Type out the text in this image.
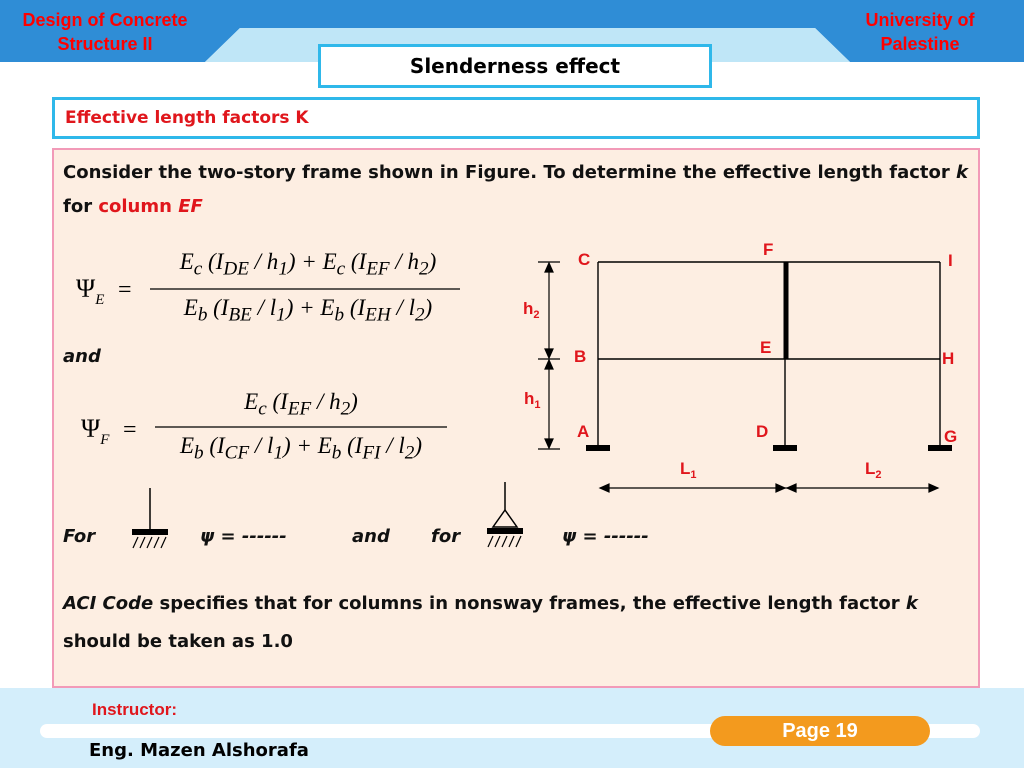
Design of Concrete
Structure II
University of
Palestine
Slenderness effect
Effective length factors K
Consider the two-story frame shown in Figure. To determine the effective length factor k for column EF
$\Psi_E$ =
$E_c$ $(I_{DE} / h_1) + E_c$ $(I_{EF} / h_2)$
$E_b$ $(I_{BE} / l_1) + E_b$ $(I_{EH} / l_2)$
and
$\Psi_F$ =
$E_c$ $(I_{EF} / h_2)$
$E_b$ $(I_{CF} / l_1) + E_b$ $(I_{FI} / l_2)$
C
F
I
B	E
H
A	D	G
$h_2$
$h_1$
$L_1$	$L_2$
For	ψ = ------	and for	ψ = ------
ACI Code specifies that for columns in nonsway frames, the effective length factor k should be taken as 1.0
Instructor:
Eng. Mazen Alshorafa
Page 19
